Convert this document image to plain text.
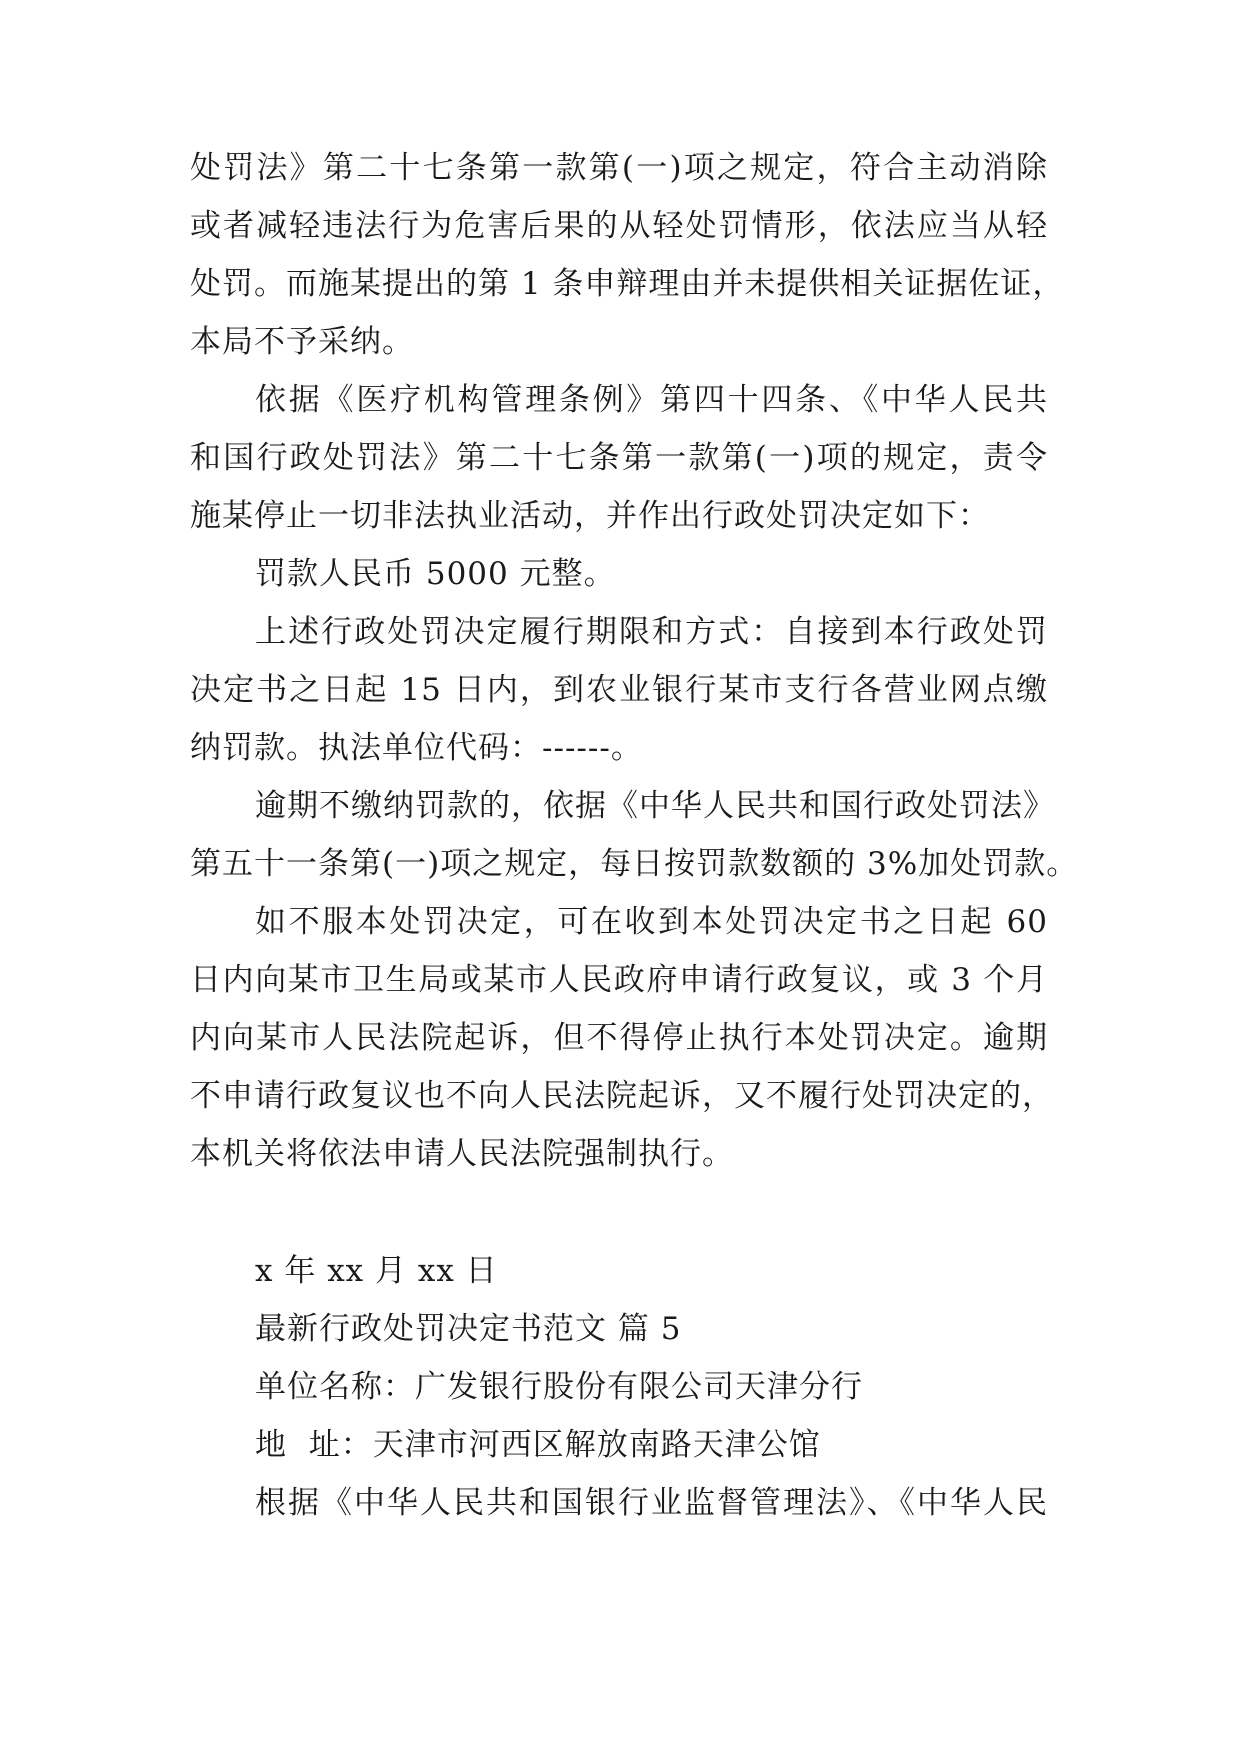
处罚法》第二十七条第一款第(一)项之规定，符合主动消除
或者减轻违法行为危害后果的从轻处罚情形，依法应当从轻
处罚。而施某提出的第 1 条申辩理由并未提供相关证据佐证，
本局不予采纳。
依据《医疗机构管理条例》第四十四条、《中华人民共
和国行政处罚法》第二十七条第一款第(一)项的规定，责令
施某停止一切非法执业活动，并作出行政处罚决定如下：
罚款人民币 5000 元整。
上述行政处罚决定履行期限和方式：自接到本行政处罚
决定书之日起 15 日内，到农业银行某市支行各营业网点缴
纳罚款。执法单位代码：------。
逾期不缴纳罚款的，依据《中华人民共和国行政处罚法》
第五十一条第(一)项之规定，每日按罚款数额的 3%加处罚款。
如不服本处罚决定，可在收到本处罚决定书之日起 60
日内向某市卫生局或某市人民政府申请行政复议，或 3 个月
内向某市人民法院起诉，但不得停止执行本处罚决定。逾期
不申请行政复议也不向人民法院起诉，又不履行处罚决定的，
本机关将依法申请人民法院强制执行。
x 年 xx 月 xx 日
最新行政处罚决定书范文 篇 5
单位名称：广发银行股份有限公司天津分行
地  址：天津市河西区解放南路天津公馆
根据《中华人民共和国银行业监督管理法》、《中华人民
